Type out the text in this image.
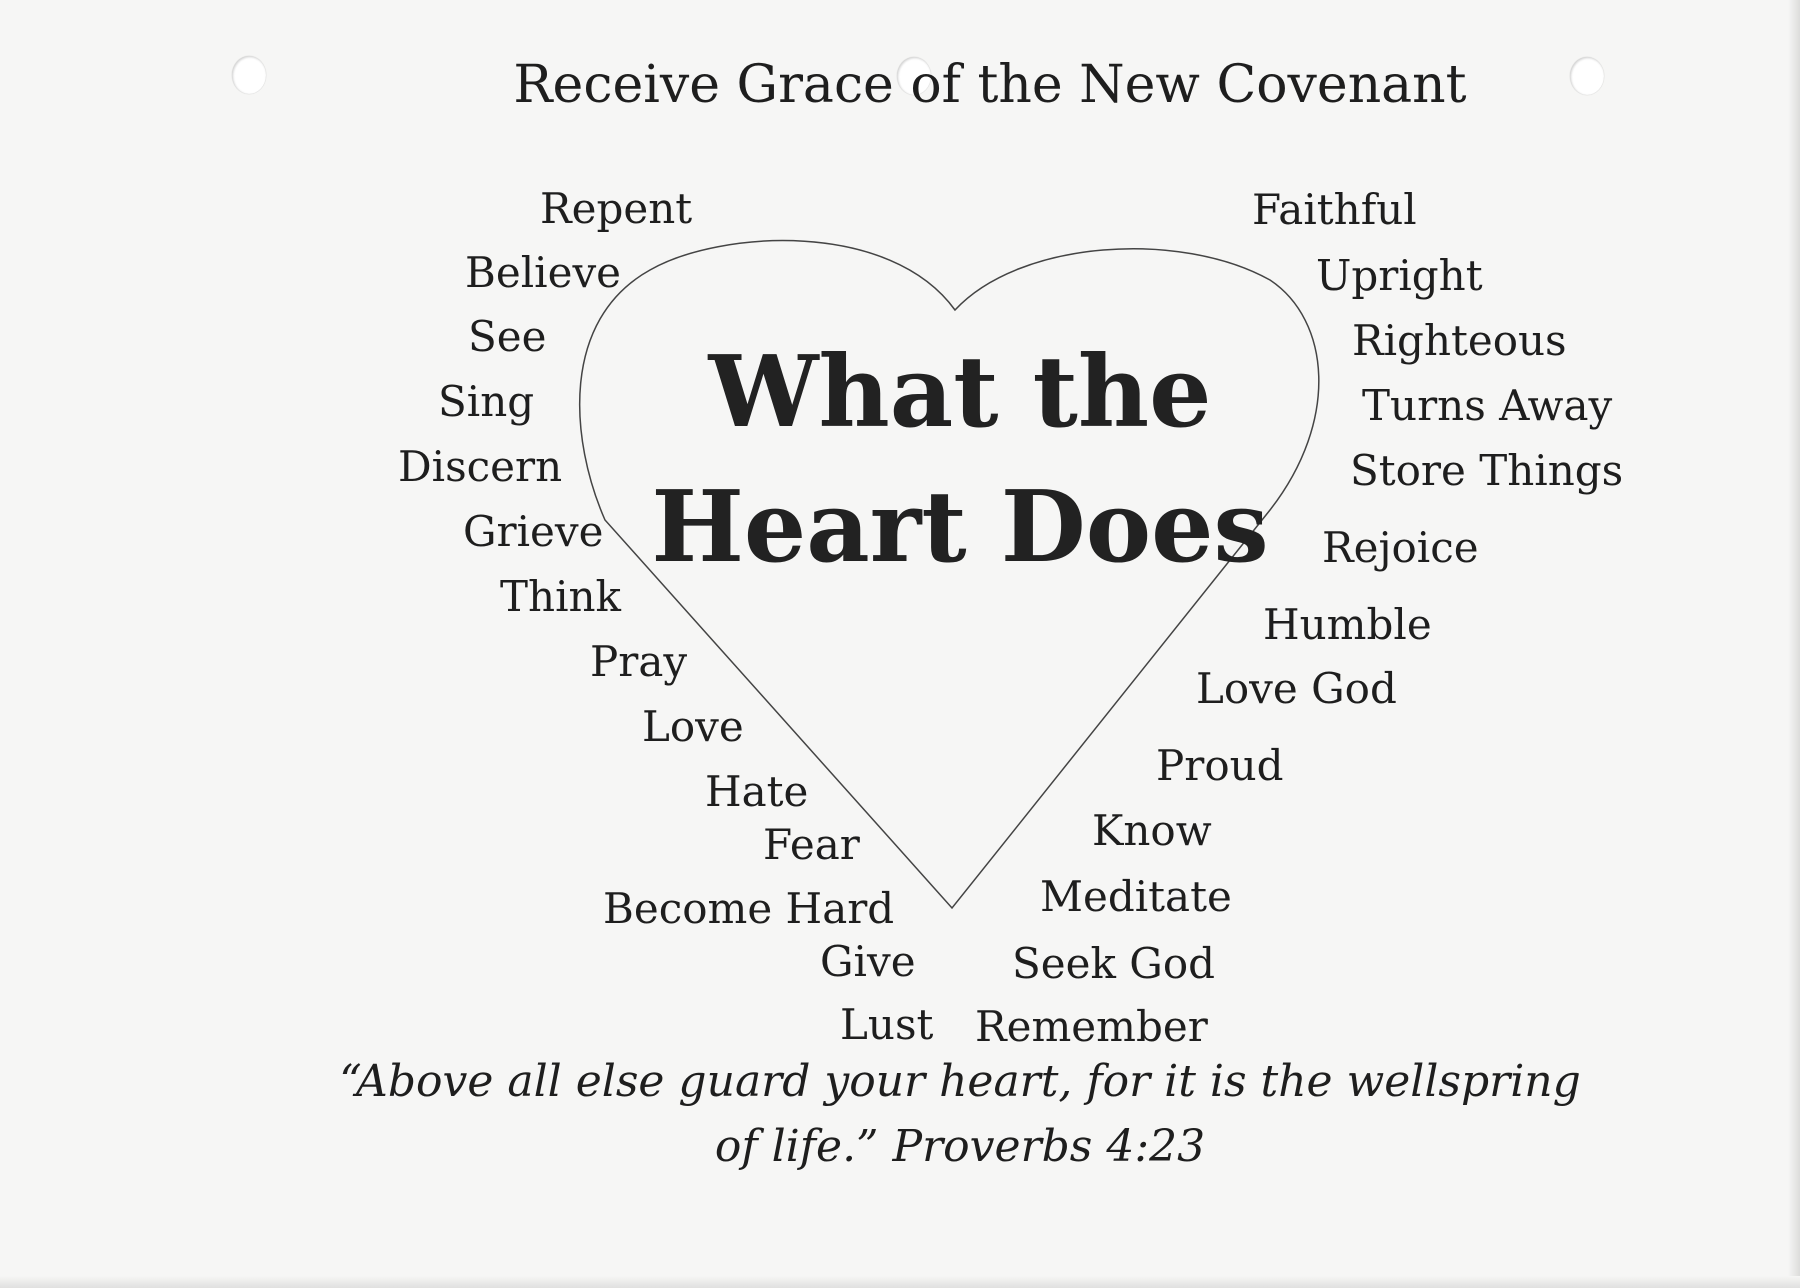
Receive Grace of the New Covenant
What the
Heart Does
Repent
Believe
See
Sing
Discern
Grieve
Think
Pray
Love
Hate
Fear
Become Hard
Give
Lust
Faithful
Upright
Righteous
Turns Away
Store Things
Rejoice
Humble
Love God
Proud
Know
Meditate
Seek God
Remember
“Above all else guard your heart, for it is the wellspring
of life.” Proverbs 4:23
